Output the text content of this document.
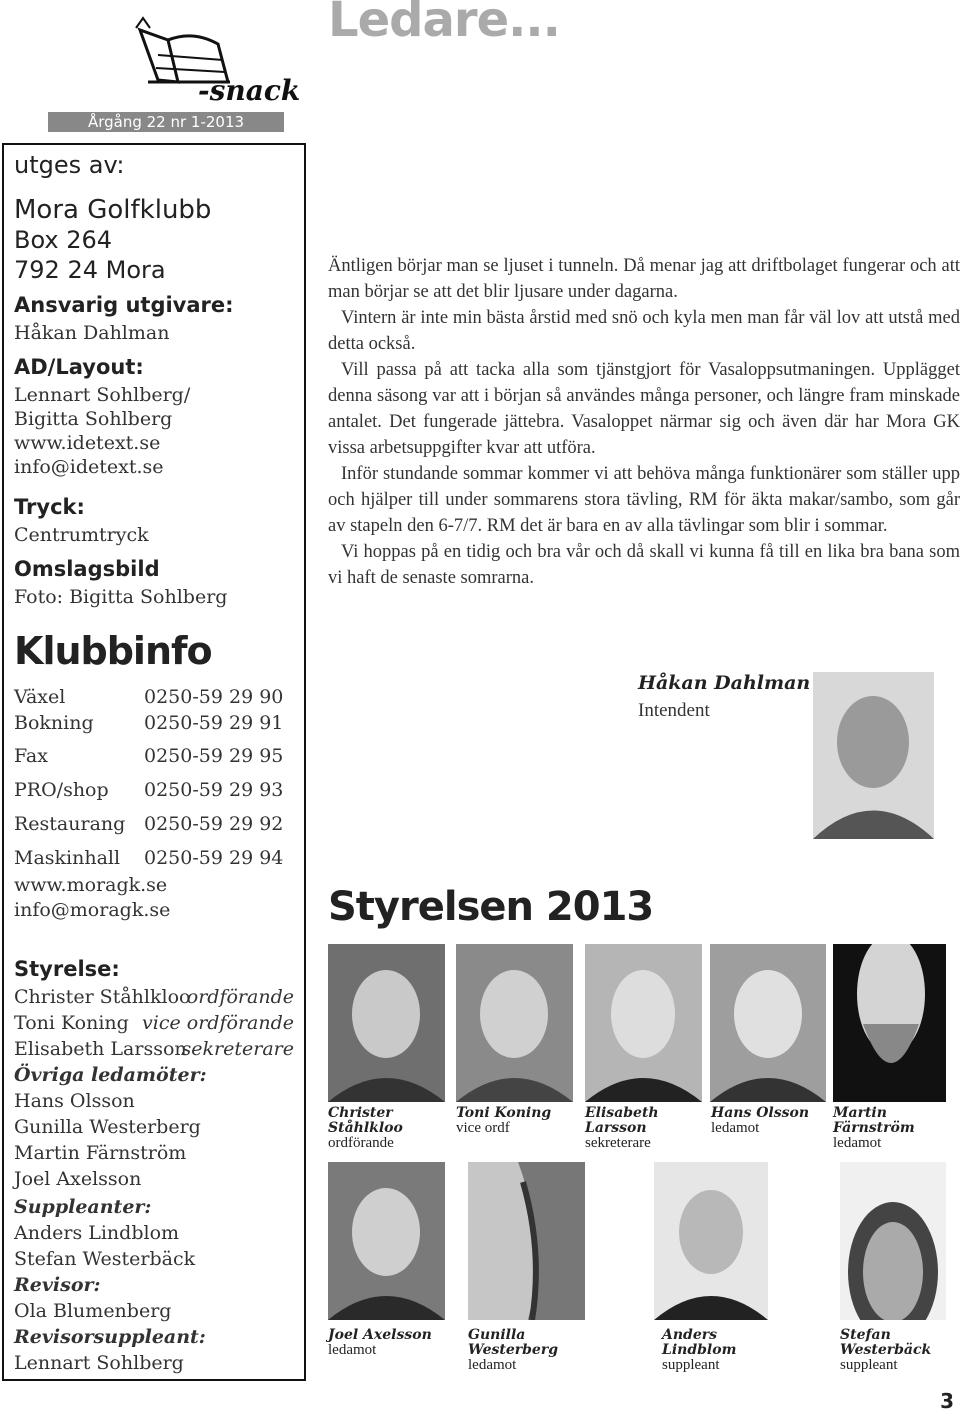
-snack
Årgång 22 nr 1-2013
Ledare...
utges av:
Mora Golfklubb
Box 264
792 24 Mora
Ansvarig utgivare:
Håkan Dahlman
AD/Layout:
Lennart Sohlberg/
Bigitta Sohlberg
www.idetext.se
info@idetext.se
Tryck:
Centrumtryck
Omslagsbild
Foto: Bigitta Sohlberg
Klubbinfo
Växel	0250-59 29 90
Bokning	0250-59 29 91
Fax	0250-59 29 95
PRO/shop 0250-59 29 93
Restaurang 0250-59 29 92
Maskinhall 0250-59 29 94
www.moragk.se
info@moragk.se
Styrelse:
Christer Ståhlkloo
ordförande
Toni Koning vice ordförande
Elisabeth Larsson
sekreterare
Övriga ledamöter:
Hans Olsson
Gunilla Westerberg
Martin Färnström
Joel Axelsson
Suppleanter:
Anders Lindblom
Stefan Westerbäck
Revisor:
Ola Blumenberg
Revisorsuppleant:
Lennart Sohlberg

Äntligen börjar man se ljuset i tunneln. Då menar jag att driftbolaget fungerar och att man börjar se att det blir ljusare under dagarna.

Vintern är inte min bästa årstid med snö och kyla men man får väl lov att utstå med detta också.

Vill passa på att tacka alla som tjänstgjort för Vasaloppsutmaningen. Upplägget denna säsong var att i början så användes många personer, och längre fram minskade antalet. Det fungerade jättebra. Vasaloppet närmar sig och även där har Mora GK vissa arbetsuppgifter kvar att utföra.

Inför stundande sommar kommer vi att behöva många funktionärer som ställer upp och hjälper till under sommarens stora tävling, RM för äkta makar/sambo, som går av stapeln den 6-7/7. RM det är bara en av alla tävlingar som blir i sommar.

Vi hoppas på en tidig och bra vår och då skall vi kunna få till en lika bra bana som vi haft de senaste somrarna.

Håkan Dahlman
Intendent
Styrelsen 2013
Christer Ståhlkloo
ordförande
Toni Koning
vice ordf
Elisabeth Larsson
sekreterare
Hans Olsson
ledamot
Martin Färnström
ledamot
Joel Axelsson
ledamot
Gunilla Westerberg
ledamot
Anders Lindblom
suppleant
Stefan Westerbäck
suppleant
3
